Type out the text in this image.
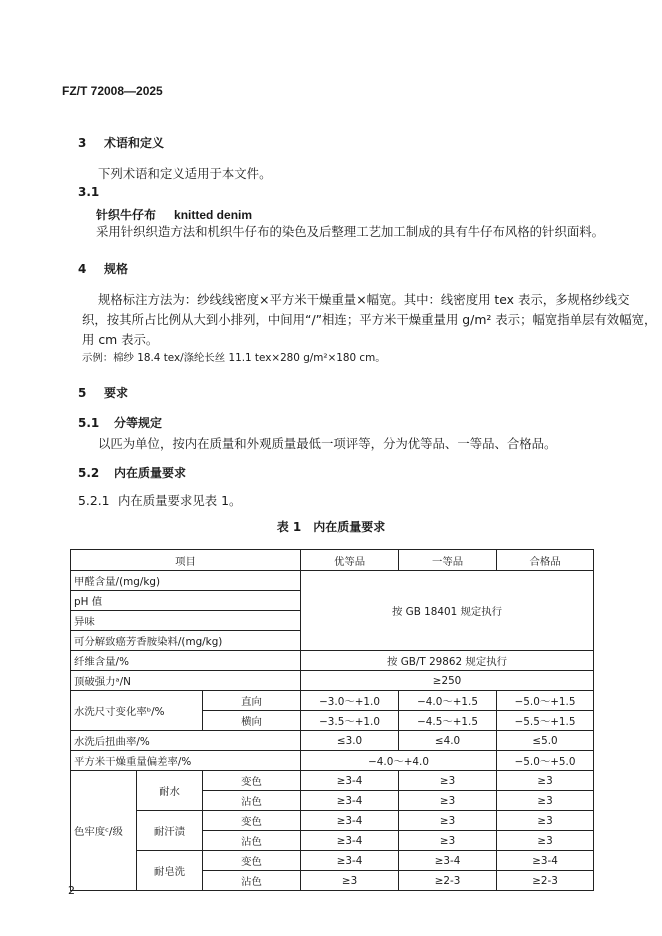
FZ/T 72008—2025
3 术语和定义
下列术语和定义适用于本文件。
3.1
针织牛仔布 knitted denim
采用针织织造方法和机织牛仔布的染色及后整理工艺加工制成的具有牛仔布风格的针织面料。
4 规格
规格标注方法为：纱线线密度×平方米干燥重量×幅宽。其中：线密度用 tex 表示，多规格纱线交
织，按其所占比例从大到小排列，中间用“/”相连；平方米干燥重量用 g/m² 表示；幅宽指单层有效幅宽，
用 cm 表示。
示例：棉纱 18.4 tex/涤纶长丝 11.1 tex×280 g/m²×180 cm。
5 要求
5.1 分等规定
以匹为单位，按内在质量和外观质量最低一项评等，分为优等品、一等品、合格品。
5.2 内在质量要求
5.2.1 内在质量要求见表 1。
表 1　内在质量要求
项目			优等品	一等品	合格品
甲醛含量/(mg/kg)			按 GB 18401 规定执行		
pH 值					
异味					
可分解致癌芳香胺染料/(mg/kg)					
纤维含量/%			按 GB/T 29862 规定执行		
顶破强力ᵃ/N			≥250		
水洗尺寸变化率ᵇ/%		直向	−3.0～+1.0	−4.0～+1.5	−5.0～+1.5
		横向	−3.5～+1.0	−4.5～+1.5	−5.5～+1.5
水洗后扭曲率/%			≤3.0	≤4.0	≤5.0
平方米干燥重量偏差率/%			−4.0～+4.0		−5.0～+5.0
色牢度ᶜ/级	耐水	变色	≥3-4	≥3	≥3
		沾色	≥3-4	≥3	≥3
	耐汗渍	变色	≥3-4	≥3	≥3
		沾色	≥3-4	≥3	≥3
	耐皂洗	变色	≥3-4	≥3-4	≥3-4
		沾色	≥3	≥2-3	≥2-3
2
